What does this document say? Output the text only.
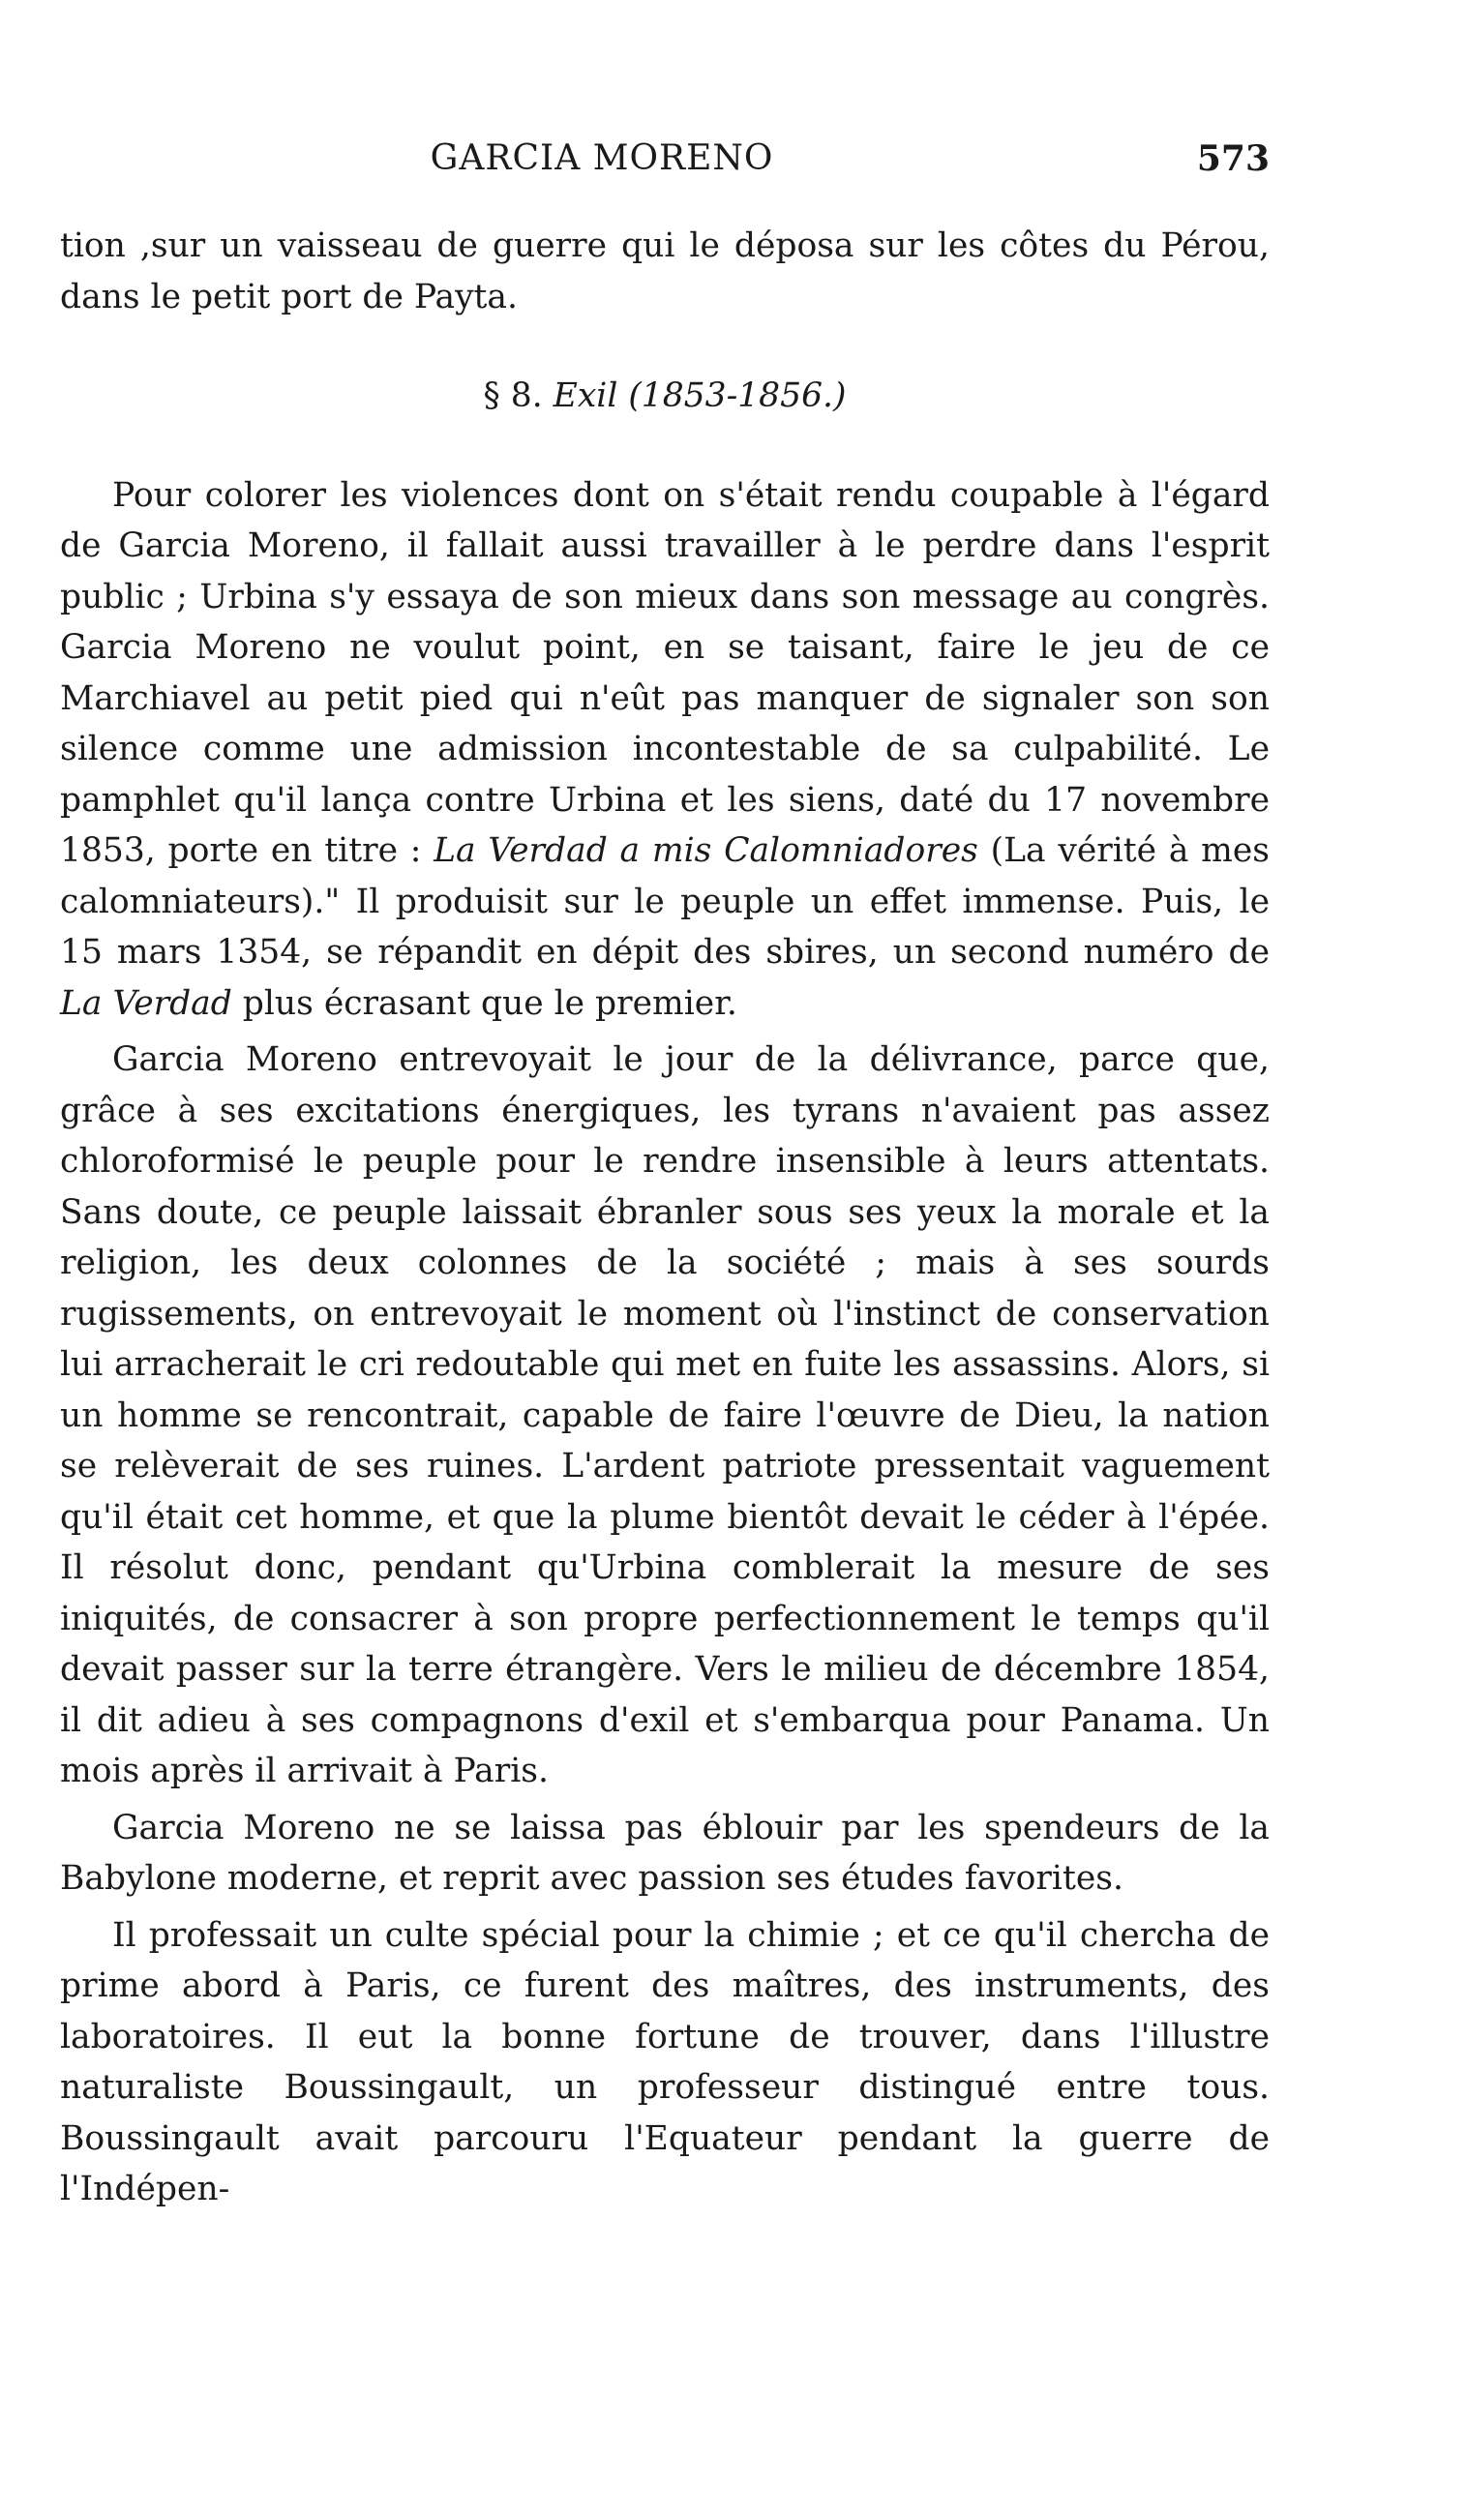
GARCIA MORENO	573

tion ,sur un vaisseau de guerre qui le déposa sur les côtes du Pérou, dans le petit port de Payta.

§ 8. Exil (1853-1856.)

Pour colorer les violences dont on s'était rendu coupable à l'égard de Garcia Moreno, il fallait aussi travailler à le perdre dans l'esprit public ; Urbina s'y essaya de son mieux dans son message au congrès. Garcia Moreno ne voulut point, en se taisant, faire le jeu de ce Marchiavel au petit pied qui n'eût pas manquer de signaler son son silence comme une admission incontestable de sa culpabilité. Le pamphlet qu'il lança contre Urbina et les siens, daté du 17 novembre 1853, porte en titre : La Verdad a mis Calomniadores (La vérité à mes calomniateurs)." Il produisit sur le peuple un effet immense. Puis, le 15 mars 1354, se répandit en dépit des sbires, un second numéro de La Verdad plus écrasant que le premier.

Garcia Moreno entrevoyait le jour de la délivrance, parce que, grâce à ses excitations énergiques, les tyrans n'avaient pas assez chloroformisé le peuple pour le rendre insensible à leurs attentats. Sans doute, ce peuple laissait ébranler sous ses yeux la morale et la religion, les deux colonnes de la société ; mais à ses sourds rugissements, on entrevoyait le moment où l'instinct de conservation lui arracherait le cri redoutable qui met en fuite les assassins. Alors, si un homme se rencontrait, capable de faire l'œuvre de Dieu, la nation se relèverait de ses ruines. L'ardent patriote pressentait vaguement qu'il était cet homme, et que la plume bientôt devait le céder à l'épée. Il résolut donc, pendant qu'Urbina comblerait la mesure de ses iniquités, de consacrer à son propre perfectionnement le temps qu'il devait passer sur la terre étrangère. Vers le milieu de décembre 1854, il dit adieu à ses compagnons d'exil et s'embarqua pour Panama. Un mois après il arrivait à Paris.

Garcia Moreno ne se laissa pas éblouir par les spendeurs de la Babylone moderne, et reprit avec passion ses études favorites.

Il professait un culte spécial pour la chimie ; et ce qu'il chercha de prime abord à Paris, ce furent des maîtres, des instruments, des laboratoires. Il eut la bonne fortune de trouver, dans l'illustre naturaliste Boussingault, un professeur distingué entre tous. Boussingault avait parcouru l'Equateur pendant la guerre de l'Indépen-
